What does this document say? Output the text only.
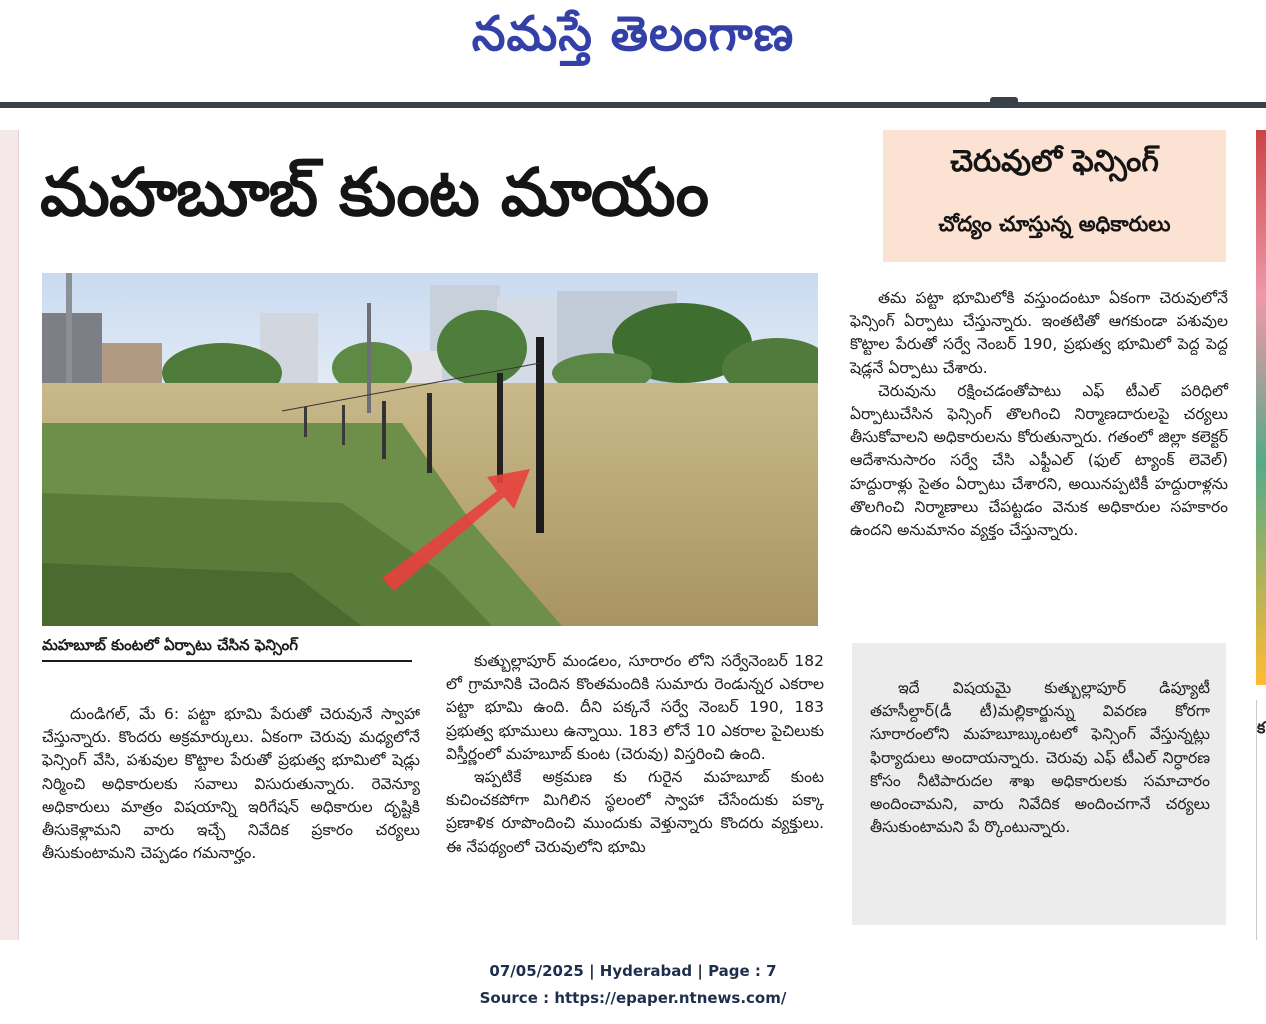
నమస్తే తెలంగాణ
క
మహబూబ్ కుంట మాయం	చెరువులో ఫెన్సింగ్
చోద్యం చూస్తున్న అధికారులు
మహబూబ్ కుంటలో ఏర్పాటు చేసిన ఫెన్సింగ్

దుండిగల్, మే 6: పట్టా భూమి పేరుతో చెరువునే స్వాహా చేస్తున్నారు. కొందరు అక్రమార్కులు. ఏకంగా చెరువు మధ్యలోనే ఫెన్సింగ్ వేసి, పశువుల కొట్టాల పేరుతో ప్రభుత్వ భూమిలో షెడ్లు నిర్మించి అధికారులకు సవాలు విసురుతున్నారు. రెవెన్యూ అధికారులు మాత్రం విషయాన్ని ఇరిగేషన్ అధికారుల దృష్టికి తీసుకెళ్లామని వారు ఇచ్చే నివేదిక ప్రకారం చర్యలు తీసుకుంటామని చెప్పడం గమనార్హం.

కుత్బుల్లాపూర్ మండలం, సూరారం లోని సర్వేనెంబర్ 182 లో గ్రామానికి చెందిన కొంతమందికి సుమారు రెండున్నర ఎకరాల పట్టా భూమి ఉంది. దీని పక్కనే సర్వే నెంబర్ 190, 183 ప్రభుత్వ భూములు ఉన్నాయి. 183 లోనే 10 ఎకరాల పైచిలుకు విస్తీర్ణంలో మహబూబ్ కుంట (చెరువు) విస్తరించి ఉంది.

ఇప్పటికే అక్రమణ కు గురైన మహబూబ్ కుంట కుచించకపోగా మిగిలిన స్థలంలో స్వాహా చేసేందుకు పక్కా ప్రణాళిక రూపొందించి ముందుకు వెళ్తున్నారు కొందరు వ్యక్తులు. ఈ నేపథ్యంలో చెరువులోని భూమి

తమ పట్టా భూమిలోకి వస్తుందంటూ ఏకంగా చెరువులోనే ఫెన్సింగ్ ఏర్పాటు చేస్తున్నారు. ఇంతటితో ఆగకుండా పశువుల కొట్టాల పేరుతో సర్వే నెంబర్ 190, ప్రభుత్వ భూమిలో పెద్ద పెద్ద షెడ్లనే ఏర్పాటు చేశారు.

చెరువును రక్షించడంతోపాటు ఎఫ్ టీఎల్ పరిధిలో ఏర్పాటుచేసిన ఫెన్సింగ్ తొలగించి నిర్మాణదారులపై చర్యలు తీసుకోవాలని అధికారులను కోరుతున్నారు. గతంలో జిల్లా కలెక్టర్ ఆదేశానుసారం సర్వే చేసి ఎఫ్టీఎల్ (ఫుల్ ట్యాంక్ లెవెల్) హద్దురాళ్లు సైతం ఏర్పాటు చేశారని, అయినప్పటికీ హద్దురాళ్లను తొలగించి నిర్మాణాలు చేపట్టడం వెనుక అధికారుల సహకారం ఉందని అనుమానం వ్యక్తం చేస్తున్నారు.

ఇదే విషయమై కుత్బుల్లాపూర్ డిప్యూటీ తహసీల్దార్(డీ టీ)మల్లికార్జున్ను వివరణ కోరగా సూరారంలోని మహబూబ్కుంటలో ఫెన్సింగ్ వేస్తున్నట్లు ఫిర్యాదులు అందాయన్నారు. చెరువు ఎఫ్ టీఎల్ నిర్ధారణ కోసం నీటిపారుదల శాఖ అధికారులకు సమాచారం అందించామని, వారు నివేదిక అందించగానే చర్యలు తీసుకుంటామని పే ర్కొంటున్నారు.

07/05/2025 | Hyderabad | Page : 7
Source : https://epaper.ntnews.com/
